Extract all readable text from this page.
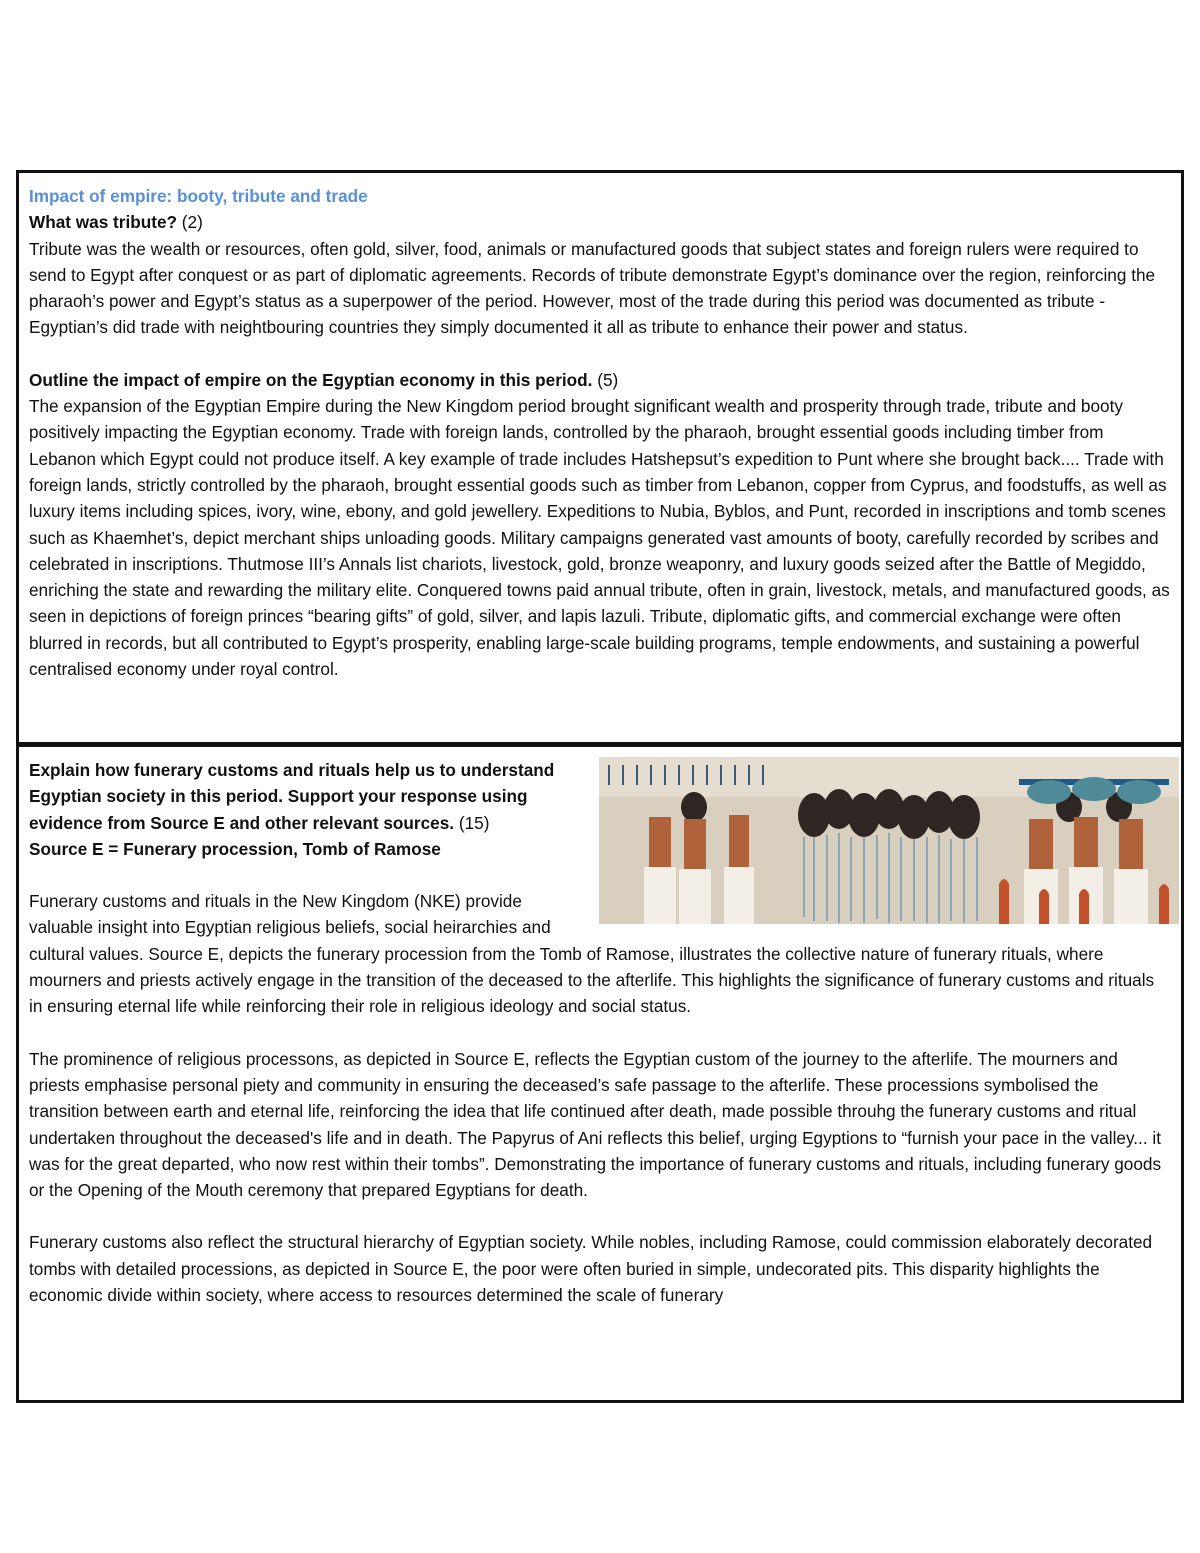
Impact of empire: booty, tribute and trade

What was tribute? (2)

Tribute was the wealth or resources, often gold, silver, food, animals or manufactured goods that subject states and foreign rulers were required to send to Egypt after conquest or as part of diplomatic agreements. Records of tribute demonstrate Egypt’s dominance over the region, reinforcing the pharaoh’s power and Egypt’s status as a superpower of the period. However, most of the trade during this period was documented as tribute - Egyptian’s did trade with neightbouring countries they simply documented it all as tribute to enhance their power and status.

Outline the impact of empire on the Egyptian economy in this period. (5)

The expansion of the Egyptian Empire during the New Kingdom period brought significant wealth and prosperity through trade, tribute and booty positively impacting the Egyptian economy. Trade with foreign lands, controlled by the pharaoh, brought essential goods including timber from Lebanon which Egypt could not produce itself. A key example of trade includes Hatshepsut’s expedition to Punt where she brought back.... Trade with foreign lands, strictly controlled by the pharaoh, brought essential goods such as timber from Lebanon, copper from Cyprus, and foodstuffs, as well as luxury items including spices, ivory, wine, ebony, and gold jewellery. Expeditions to Nubia, Byblos, and Punt, recorded in inscriptions and tomb scenes such as Khaemhet’s, depict merchant ships unloading goods. Military campaigns generated vast amounts of booty, carefully recorded by scribes and celebrated in inscriptions. Thutmose III’s Annals list chariots, livestock, gold, bronze weaponry, and luxury goods seized after the Battle of Megiddo, enriching the state and rewarding the military elite. Conquered towns paid annual tribute, often in grain, livestock, metals, and manufactured goods, as seen in depictions of foreign princes “bearing gifts” of gold, silver, and lapis lazuli. Tribute, diplomatic gifts, and commercial exchange were often blurred in records, but all contributed to Egypt’s prosperity, enabling large-scale building programs, temple endowments, and sustaining a powerful centralised economy under royal control.

Explain how funerary customs and rituals help us to understand Egyptian society in this period. Support your response using evidence from Source E and other relevant sources. (15)

Source E = Funerary procession, Tomb of Ramose

Funerary customs and rituals in the New Kingdom (NKE) provide valuable insight into Egyptian religious beliefs, social heirarchies and cultural values. Source E, depicts the funerary procession from the Tomb of Ramose, illustrates the collective nature of funerary rituals, where mourners and priests actively engage in the transition of the deceased to the afterlife. This highlights the significance of funerary customs and rituals in ensuring eternal life while reinforcing their role in religious ideology and social status.

The prominence of religious processons, as depicted in Source E, reflects the Egyptian custom of the journey to the afterlife. The mourners and priests emphasise personal piety and community in ensuring the deceased’s safe passage to the afterlife. These processions symbolised the transition between earth and eternal life, reinforcing the idea that life continued after death, made possible throuhg the funerary customs and ritual undertaken throughout the deceased's life and in death. The Papyrus of Ani reflects this belief, urging Egyptions to “furnish your pace in the valley... it was for the great departed, who now rest within their tombs”. Demonstrating the importance of funerary customs and rituals, including funerary goods or the Opening of the Mouth ceremony that prepared Egyptians for death.

Funerary customs also reflect the structural hierarchy of Egyptian society. While nobles, including Ramose, could commission elaborately decorated tombs with detailed processions, as depicted in Source E, the poor were often buried in simple, undecorated pits. This disparity highlights the economic divide within society, where access to resources determined the scale of funerary
